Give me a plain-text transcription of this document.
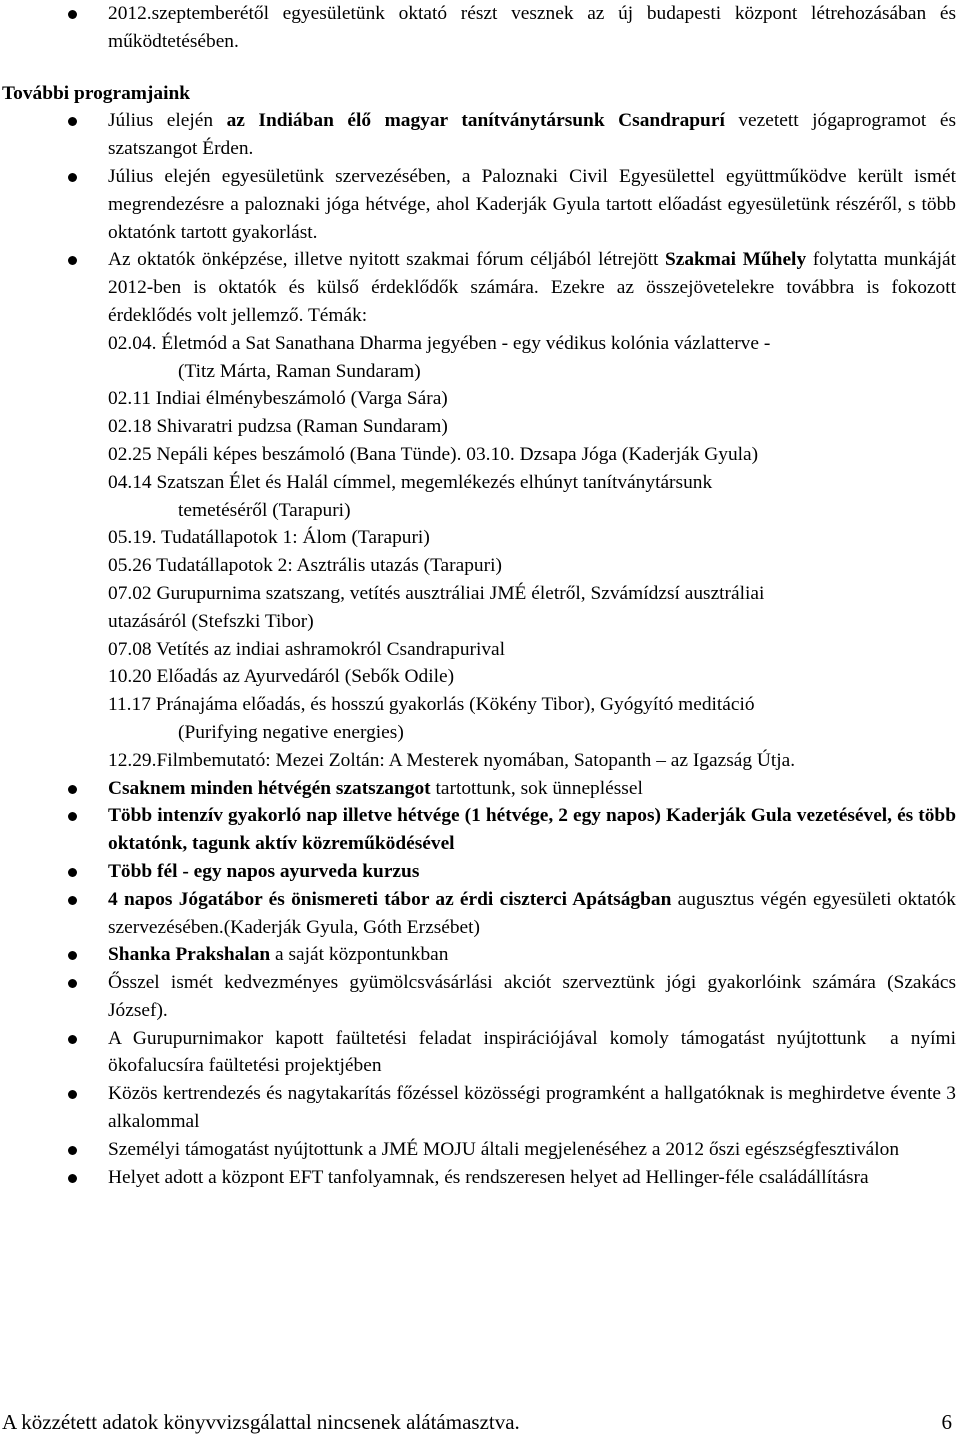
2012.szeptemberétől egyesületünk oktató részt vesznek az új budapesti központ létrehozásában és működtetésében.
További programjaink
Július elején az Indiában élő magyar tanítványtársunk Csandrapurí vezetett jógaprogramot és szatszangot Érden.
Július elején egyesületünk szervezésében, a Paloznaki Civil Egyesülettel együttműködve került ismét megrendezésre a paloznaki jóga hétvége, ahol Kaderják Gyula tartott előadást egyesületünk részéről, s több oktatónk tartott gyakorlást.
Az oktatók önképzése, illetve nyitott szakmai fórum céljából létrejött Szakmai Műhely folytatta munkáját 2012-ben is oktatók és külső érdeklődők számára. Ezekre az összejövetelekre továbbra is fokozott érdeklődés volt jellemző. Témák:
02.04. Életmód a Sat Sanathana Dharma jegyében - egy védikus kolónia vázlatterve -
(Titz Márta, Raman Sundaram)
02.11 Indiai élménybeszámoló (Varga Sára)
02.18 Shivaratri pudzsa (Raman Sundaram)
02.25 Nepáli képes beszámoló (Bana Tünde). 03.10. Dzsapa Jóga (Kaderják Gyula)
04.14 Szatszan Élet és Halál címmel, megemlékezés elhúnyt tanítványtársunk
temetéséről (Tarapuri)
05.19. Tudatállapotok 1: Álom (Tarapuri)
05.26 Tudatállapotok 2: Asztrális utazás (Tarapuri)
07.02 Gurupurnima szatszang, vetítés ausztráliai JMÉ életről, Szvámídzsí ausztráliai
utazásáról (Stefszki Tibor)
07.08 Vetítés az indiai ashramokról Csandrapurival
10.20 Előadás az Ayurvedáról (Sebők Odile)
11.17 Pránajáma előadás, és hosszú gyakorlás (Kökény Tibor), Gyógyító meditáció
(Purifying negative energies)
12.29.Filmbemutató: Mezei Zoltán: A Mesterek nyomában, Satopanth – az Igazság Útja.
Csaknem minden hétvégén szatszangot tartottunk, sok ünnepléssel
Több intenzív gyakorló nap illetve hétvége (1 hétvége, 2 egy napos) Kaderják Gula vezetésével, és több oktatónk, tagunk aktív közreműködésével
Több fél - egy napos ayurveda kurzus
4 napos Jógatábor és önismereti tábor az érdi ciszterci Apátságban augusztus végén egyesületi oktatók szervezésében.(Kaderják Gyula, Góth Erzsébet)
Shanka Prakshalan a saját központunkban
Ősszel ismét kedvezményes gyümölcsvásárlási akciót szerveztünk jógi gyakorlóink számára (Szakács József).
A Gurupurnimakor kapott faültetési feladat inspirációjával komoly támogatást nyújtottunk  a nyími ökofalucsíra faültetési projektjében
Közös kertrendezés és nagytakarítás főzéssel közösségi programként a hallgatóknak is meghirdetve évente 3 alkalommal
Személyi támogatást nyújtottunk a JMÉ MOJU általi megjelenéséhez a 2012 őszi egészségfesztiválon
Helyet adott a központ EFT tanfolyamnak, és rendszeresen helyet ad Hellinger-féle családállításra
A közzétett adatok könyvvizsgálattal nincsenek alátámasztva.	6
